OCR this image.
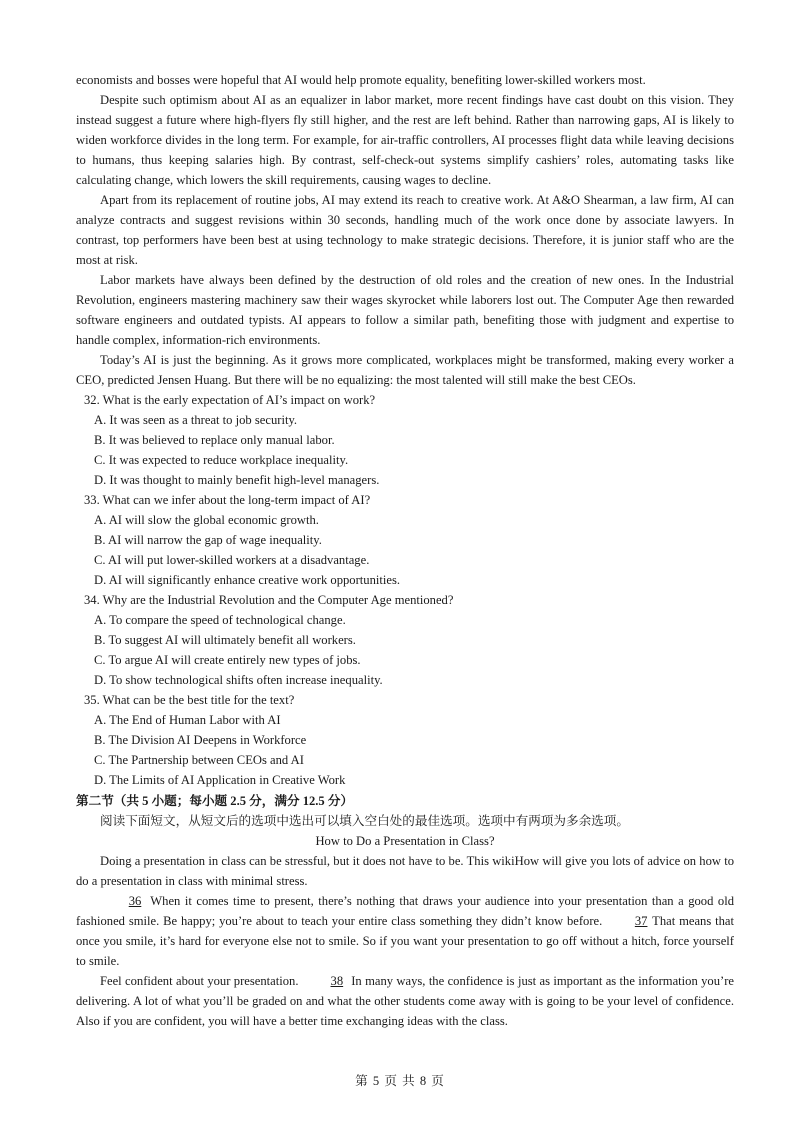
economists and bosses were hopeful that AI would help promote equality, benefiting lower-skilled workers most.

Despite such optimism about AI as an equalizer in labor market, more recent findings have cast doubt on this vision. They instead suggest a future where high-flyers fly still higher, and the rest are left behind. Rather than narrowing gaps, AI is likely to widen workforce divides in the long term. For example, for air-traffic controllers, AI processes flight data while leaving decisions to humans, thus keeping salaries high. By contrast, self-check-out systems simplify cashiers’ roles, automating tasks like calculating change, which lowers the skill requirements, causing wages to decline.

Apart from its replacement of routine jobs, AI may extend its reach to creative work. At A&O Shearman, a law firm, AI can analyze contracts and suggest revisions within 30 seconds, handling much of the work once done by associate lawyers. In contrast, top performers have been best at using technology to make strategic decisions. Therefore, it is junior staff who are the most at risk.

Labor markets have always been defined by the destruction of old roles and the creation of new ones. In the Industrial Revolution, engineers mastering machinery saw their wages skyrocket while laborers lost out. The Computer Age then rewarded software engineers and outdated typists. AI appears to follow a similar path, benefiting those with judgment and expertise to handle complex, information-rich environments.

Today’s AI is just the beginning. As it grows more complicated, workplaces might be transformed, making every worker a CEO, predicted Jensen Huang. But there will be no equalizing: the most talented will still make the best CEOs.

32. What is the early expectation of AI’s impact on work?

A. It was seen as a threat to job security.

B. It was believed to replace only manual labor.

C. It was expected to reduce workplace inequality.

D. It was thought to mainly benefit high-level managers.

33. What can we infer about the long-term impact of AI?

A. AI will slow the global economic growth.

B. AI will narrow the gap of wage inequality.

C. AI will put lower-skilled workers at a disadvantage.

D. AI will significantly enhance creative work opportunities.

34. Why are the Industrial Revolution and the Computer Age mentioned?

A. To compare the speed of technological change.

B. To suggest AI will ultimately benefit all workers.

C. To argue AI will create entirely new types of jobs.

D. To show technological shifts often increase inequality.

35. What can be the best title for the text?

A. The End of Human Labor with AI

B. The Division AI Deepens in Workforce

C. The Partnership between CEOs and AI

D. The Limits of AI Application in Creative Work

第二节（共 5 小题；每小题 2.5 分，满分 12.5 分）

阅读下面短文，从短文后的选项中选出可以填入空白处的最佳选项。选项中有两项为多余选项。

How to Do a Presentation in Class?

Doing a presentation in class can be stressful, but it does not have to be. This wikiHow will give you lots of advice on how to do a presentation in class with minimal stress.

36 When it comes time to present, there’s nothing that draws your audience into your presentation than a good old fashioned smile. Be happy; you’re about to teach your entire class something they didn’t know before. 37 That means that once you smile, it’s hard for everyone else not to smile. So if you want your presentation to go off without a hitch, force yourself to smile.

Feel confident about your presentation. 38 In many ways, the confidence is just as important as the information you’re delivering. A lot of what you’ll be graded on and what the other students come away with is going to be your level of confidence. Also if you are confident, you will have a better time exchanging ideas with the class.

第 5 页 共 8 页
